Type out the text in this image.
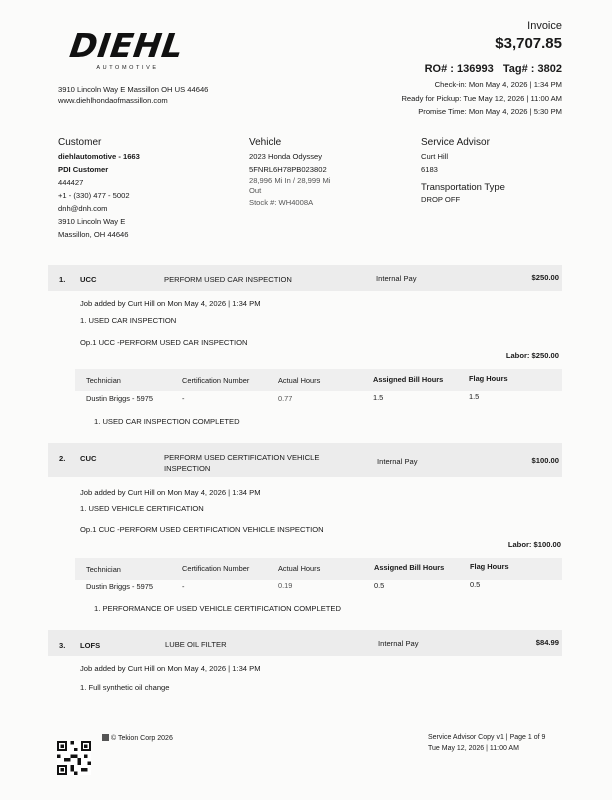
DIEHL
AUTOMOTIVE
3910 Lincoln Way E Massillon OH US 44646
www.diehlhondaofmassillon.com
Invoice
$3,707.85
RO# : 136993 Tag# : 3802
Check-in: Mon May 4, 2026 | 1:34 PM
Ready for Pickup: Tue May 12, 2026 | 11:00 AM
Promise Time: Mon May 4, 2026 | 5:30 PM
Customer
diehlautomotive - 1663
PDI Customer
444427
+1 - (330) 477 - 5002
dnh@dnh.com
3910 Lincoln Way E
Massillon, OH 44646
Vehicle
2023 Honda Odyssey
5FNRL6H78PB023802
28,996 Mi In / 28,999 Mi
Out
Stock #: WH4008A
Service Advisor
Curt Hill
6183
Transportation Type
DROP OFF
1. UCC	PERFORM USED CAR INSPECTION	Internal Pay	$250.00
Job added by Curt Hill on Mon May 4, 2026 | 1:34 PM
1. USED CAR INSPECTION
Op.1 UCC -PERFORM USED CAR INSPECTION
Labor: $250.00
Technician	Certification Number	Actual Hours	Assigned Bill Hours	Flag Hours
Dustin Briggs - 5975	-	0.77	1.5	1.5
1. USED CAR INSPECTION COMPLETED
2. CUC	PERFORM USED CERTIFICATION VEHICLE
INSPECTION
Internal Pay	$100.00
Job added by Curt Hill on Mon May 4, 2026 | 1:34 PM
1. USED VEHICLE CERTIFICATION
Op.1 CUC -PERFORM USED CERTIFICATION VEHICLE INSPECTION
Labor: $100.00
Technician	Certification Number	Actual Hours	Assigned Bill Hours	Flag Hours
Dustin Briggs - 5975	-	0.19	0.5	0.5
1. PERFORMANCE OF USED VEHICLE CERTIFICATION COMPLETED
3. LOFS	LUBE OIL FILTER	Internal Pay	$84.99
Job added by Curt Hill on Mon May 4, 2026 | 1:34 PM
1. Full synthetic oil change
© Tekion Corp 2026	Service Advisor Copy v1 | Page 1 of 9
Tue May 12, 2026 | 11:00 AM
